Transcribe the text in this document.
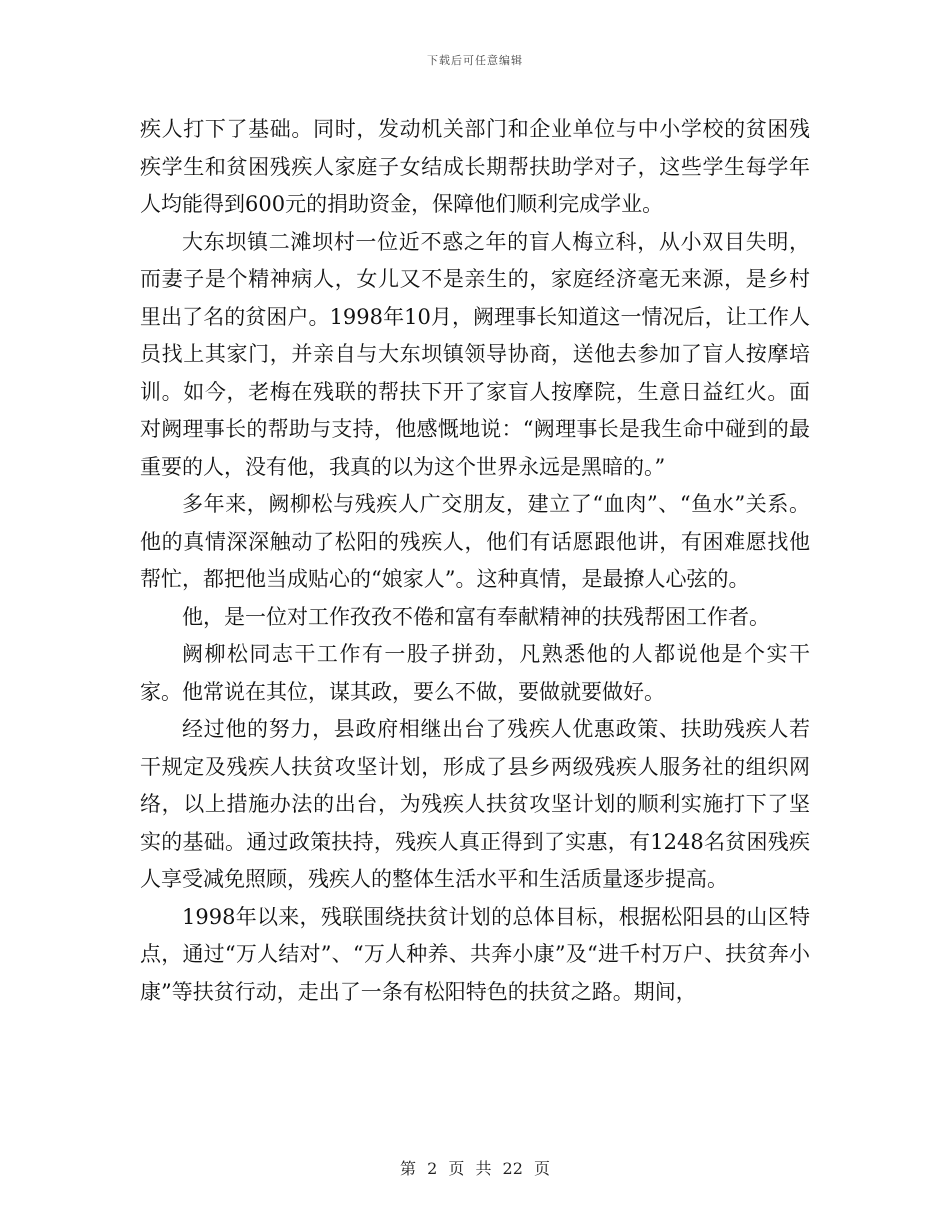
下载后可任意编辑

疾人打下了基础。同时，发动机关部门和企业单位与中小学校的贫困残疾学生和贫困残疾人家庭子女结成长期帮扶助学对子，这些学生每学年人均能得到600元的捐助资金，保障他们顺利完成学业。

大东坝镇二滩坝村一位近不惑之年的盲人梅立科，从小双目失明，而妻子是个精神病人，女儿又不是亲生的，家庭经济毫无来源，是乡村里出了名的贫困户。1998年10月，阙理事长知道这一情况后，让工作人员找上其家门，并亲自与大东坝镇领导协商，送他去参加了盲人按摩培训。如今，老梅在残联的帮扶下开了家盲人按摩院，生意日益红火。面对阙理事长的帮助与支持，他感慨地说：“阙理事长是我生命中碰到的最重要的人，没有他，我真的以为这个世界永远是黑暗的。”

多年来，阙柳松与残疾人广交朋友，建立了“血肉”、“鱼水”关系。他的真情深深触动了松阳的残疾人，他们有话愿跟他讲，有困难愿找他帮忙，都把他当成贴心的“娘家人”。这种真情，是最撩人心弦的。

他，是一位对工作孜孜不倦和富有奉献精神的扶残帮困工作者。

阙柳松同志干工作有一股子拼劲，凡熟悉他的人都说他是个实干家。他常说在其位，谋其政，要么不做，要做就要做好。

经过他的努力，县政府相继出台了残疾人优惠政策、扶助残疾人若干规定及残疾人扶贫攻坚计划，形成了县乡两级残疾人服务社的组织网络，以上措施办法的出台，为残疾人扶贫攻坚计划的顺利实施打下了坚实的基础。通过政策扶持，残疾人真正得到了实惠，有1248名贫困残疾人享受减免照顾，残疾人的整体生活水平和生活质量逐步提高。

1998年以来，残联围绕扶贫计划的总体目标，根据松阳县的山区特点，通过“万人结对”、“万人种养、共奔小康”及“进千村万户、扶贫奔小康”等扶贫行动，走出了一条有松阳特色的扶贫之路。期间，

第 2 页 共 22 页
